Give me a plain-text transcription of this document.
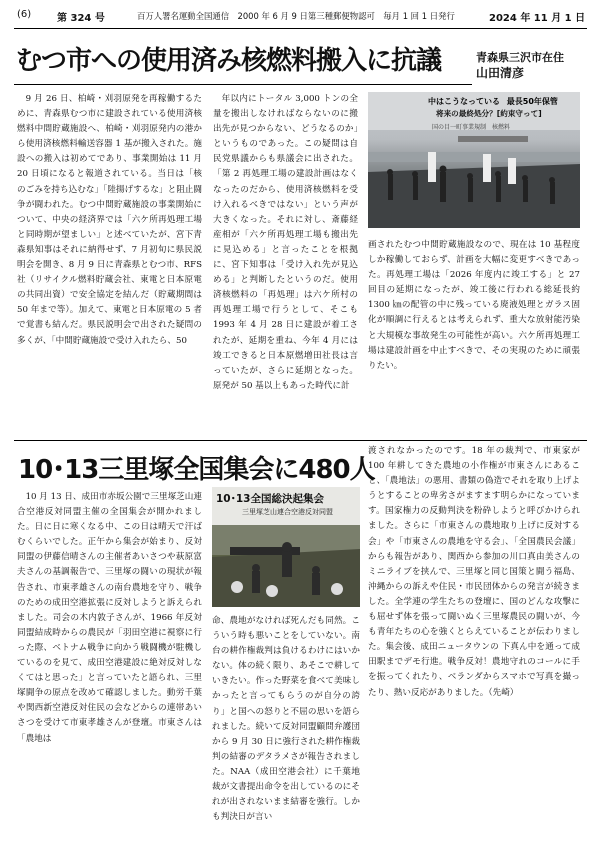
(6)	第 324 号	百万人署名運動全国通信　2000 年 6 月 9 日第三種郵便物認可　毎月 1 回 1 日発行	2024 年 11 月 1 日
むつ市への使用済み核燃料搬入に抗議	青森県三沢市在住
山田清彦

9 月 26 日、柏崎・刈羽原発を再稼働するために、青森県むつ市に建設されている使用済核燃料中間貯蔵施設へ、柏崎・刈羽原発内の港から使用済核燃料輸送容器 1 基が搬入された。施設への搬入は初めてであり、事業開始は 11 月 20 日頃になると報道されている。当日は「核のごみを持ち込むな」「陸揚げするな」と阻止闘争が闘われた。むつ中間貯蔵施設の事業開始について、中央の経済界では「六ケ所再処理工場と同時期が望ましい」と述べていたが、宮下青森県知事はそれに納得せず、7 月初旬に県民説明会を開き、8 月 9 日に青森県とむつ市、RFS 社（リサイクル燃料貯蔵会社、東電と日本原電の共同出資）で安全協定を結んだ（貯蔵期間は 50 年まで等）。加えて、東電と日本原電の 5 者で覚書も結んだ。県民説明会で出された疑問の多くが、「中間貯蔵施設で受け入れたら、50

年以内にトータル 3,000 トンの全量を搬出しなければならないのに搬出先が見つからない、どうなるのか」というものであった。この疑問は自民党県議からも県議会に出された。「第 2 再処理工場の建設計画はなくなったのだから、使用済核燃料を受け入れるべきではない」という声が大きくなった。それに対し、斎藤経産相が「六ケ所再処理工場も搬出先に見込める」と言ったことを根拠に、宮下知事は「受け入れ先が見込める」と判断したというのだ。使用済核燃料の「再処理」は六ケ所村の再処理工場で行うとして、そこも 1993 年 4 月 28 日に建設が着工されたが、延期を重ね、今年 4 月には竣工できると日本原燃増田社長は言っていたが、さらに延期となった。原発が 50 基以上もあった時代に計

中はこうなっている 最長50年保管
将来の最終処分？[約束守って]
国の目一町事業規制　核燃料

画されたむつ中間貯蔵施設なので、現在は 10 基程度しか稼働しておらず、計画を大幅に変更すべきであった。再処理工場は「2026 年度内に竣工する」と 27 回目の延期になったが、竣工後に行われる総延長約 1300 ㎞の配管の中に残っている廃液処理とガラス固化が順調に行えるとは考えられず、重大な放射能汚染と大規模な事故発生の可能性が高い。六ケ所再処理工場は建設計画を中止すべきで、その実現のために頑張りたい。

10･13三里塚全国集会に480人

10 月 13 日、成田市赤坂公園で三里塚芝山連合空港反対同盟主催の全国集会が開かれました。日に日に寒くなる中、この日は晴天で汗ばむくらいでした。正午から集会が始まり、反対同盟の伊藤信晴さんの主催者あいさつや萩原富夫さんの基調報告で、三里塚の闘いの現状が報告され、市東孝雄さんの南台農地を守り、戦争のための成田空港拡張に反対しようと訴えられました。司会の木内敦子さんが、1966 年反対同盟結成時からの農民が「羽田空港に視察に行った際、ベトナム戦争に向かう戦闘機が駐機しているのを見て、成田空港建設に絶対反対しなくてはと思った」と言っていたと語られ、三里塚闘争の原点を改めて確認しました。動労千葉や関西新空港反対住民の会などからの連帯あいさつを受けて市東孝雄さんが登壇。市東さんは「農地は

10･13全国総決起集会
三里塚芝山連合空港反対同盟

命、農地がなければ死んだも同然。こういう時も悪いことをしていない。南台の耕作権裁判は負けるわけにはいかない。体の続く限り、あそこで耕していきたい。作った野菜を食べて美味しかったと言ってもらうのが自分の誇り」と国への怒りと不屈の思いを語られました。続いて反対同盟顧問弁護団から 9 月 30 日に強行された耕作権裁判の結審のデタラメさが報告されました。NAA（成田空港会社）に千葉地裁が文書提出命令を出しているのにそれが出されないまま結審を強行。しかも判決日が言い

渡されなかったのです。18 年の裁判で、市東家が 100 年耕してきた農地の小作権が市東さんにあること、「農地法」の悪用、書類の偽造でそれを取り上げようとすることの卑劣さがますます明らかになっています。国家権力の反動判決を粉砕しようと呼びかけられました。さらに「市東さんの農地取り上げに反対する会」や「市東さんの農地を守る会」、「全国農民会議」からも報告があり、関西から参加の川口真由美さんのミニライブを挟んで、三里塚と同じ国策と闘う福島、沖縄からの訴えや住民・市民団体からの発言が続きました。全学連の学生たちの登壇に、国のどんな攻撃にも屈せず体を張って闘いぬく三里塚農民の闘いが、今も青年たちの心を強くとらえていることが伝わりました。集会後、成田ニュータウンの 下真ん中を通って成田駅までデモ行進。戦争反対！農地守れのコールに手を振ってくれたり、ベランダからスマホで写真を撮ったり、熱い反応がありました。（先崎）
